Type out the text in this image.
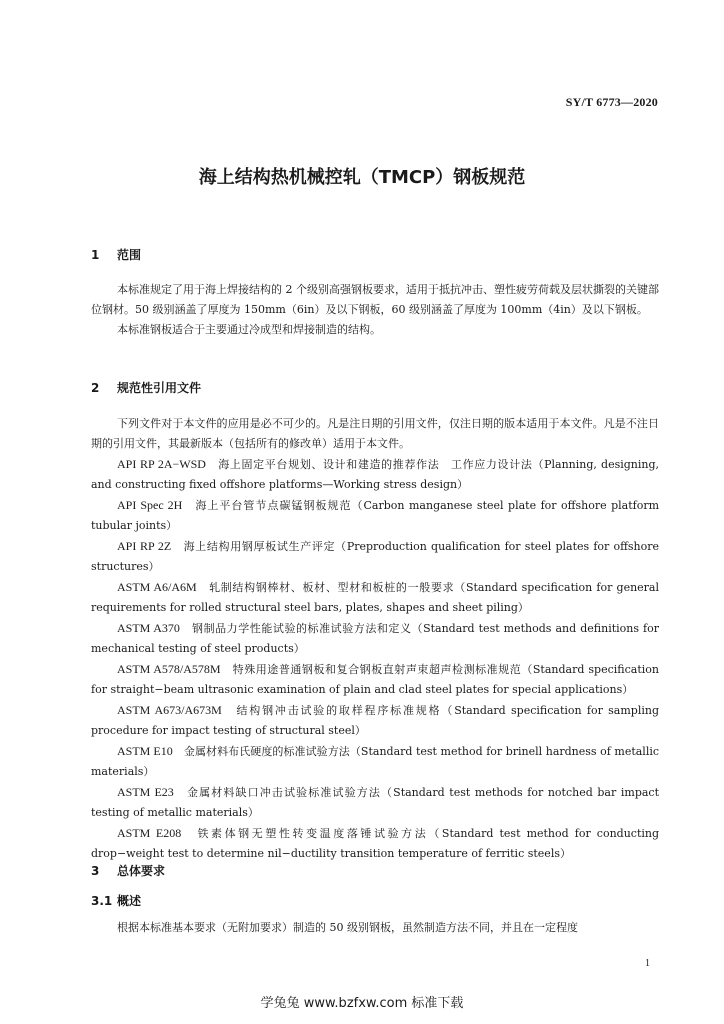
SY/T 6773—2020
海上结构热机械控轧（TMCP）钢板规范
1 范围

本标准规定了用于海上焊接结构的 2 个级别高强钢板要求，适用于抵抗冲击、塑性疲劳荷载及层状撕裂的关键部位钢材。50 级别涵盖了厚度为 150mm（6in）及以下钢板，60 级别涵盖了厚度为 100mm（4in）及以下钢板。

本标准钢板适合于主要通过冷成型和焊接制造的结构。

2 规范性引用文件

下列文件对于本文件的应用是必不可少的。凡是注日期的引用文件，仅注日期的版本适用于本文件。凡是不注日期的引用文件，其最新版本（包括所有的修改单）适用于本文件。

API RP 2A−WSD　 海上固定平台规划、设计和建造的推荐作法　工作应力设计法（Planning, designing, and constructing fixed offshore platforms—Working stress design）

API Spec 2H　 海上平台管节点碳锰钢板规范（Carbon manganese steel plate for offshore platform tubular joints）

API RP 2Z　 海上结构用钢厚板试生产评定（Preproduction qualification for steel plates for offshore structures）

ASTM A6/A6M　 轧制结构钢棒材、板材、型材和板桩的一般要求（Standard specification for general requirements for rolled structural steel bars, plates, shapes and sheet piling）

ASTM A370　 钢制品力学性能试验的标准试验方法和定义（Standard test methods and definitions for mechanical testing of steel products）

ASTM A578/A578M　 特殊用途普通钢板和复合钢板直射声束超声检测标准规范（Standard specification for straight−beam ultrasonic examination of plain and clad steel plates for special applications）

ASTM A673/A673M　 结构钢冲击试验的取样程序标准规格（Standard specification for sampling procedure for impact testing of structural steel）

ASTM E10　 金属材料布氏硬度的标准试验方法（Standard test method for brinell hardness of metallic materials）

ASTM E23　 金属材料缺口冲击试验标准试验方法（Standard test methods for notched bar impact testing of metallic materials）

ASTM E208　 铁素体钢无塑性转变温度落锤试验方法（Standard test method for conducting drop−weight test to determine nil−ductility transition temperature of ferritic steels）

3 总体要求
3.1 概述

根据本标准基本要求（无附加要求）制造的 50 级别钢板，虽然制造方法不同，并且在一定程度

1
学兔兔 www.bzfxw.com 标准下载
